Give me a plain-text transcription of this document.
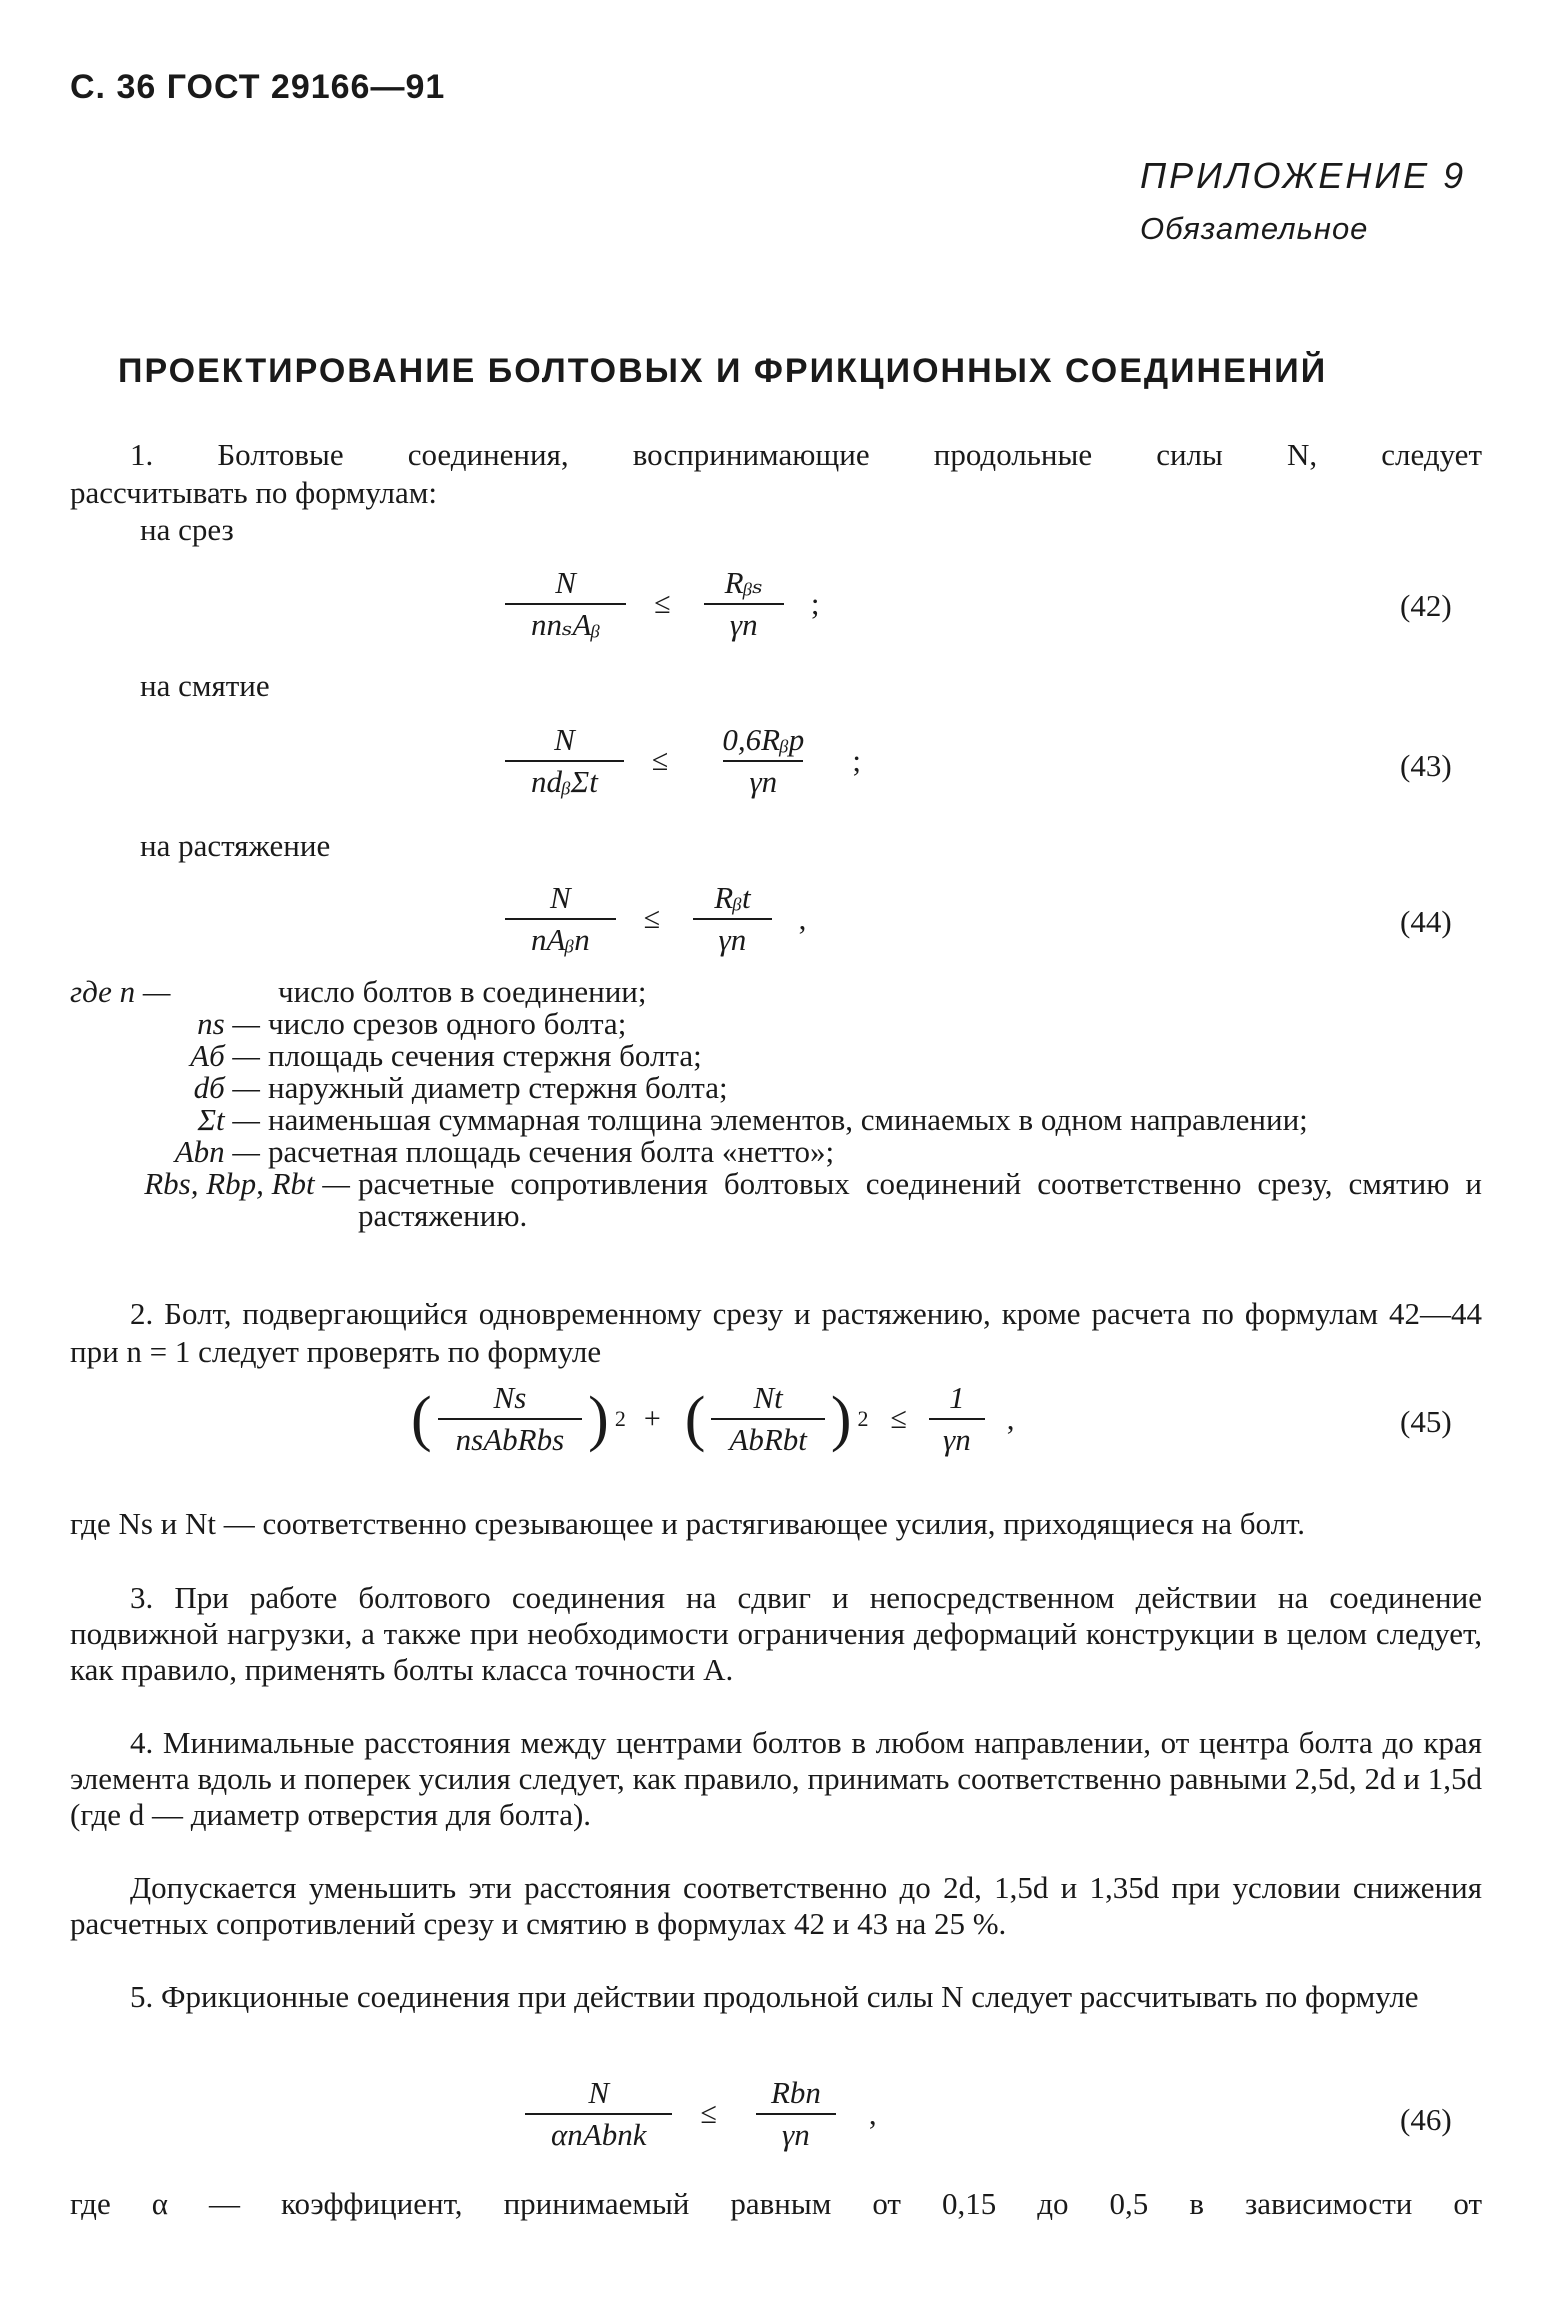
С. 36 ГОСТ 29166—91
ПРИЛОЖЕНИЕ 9
Обязательное
ПРОЕКТИРОВАНИЕ БОЛТОВЫХ И ФРИКЦИОННЫХ СОЕДИНЕНИЙ
1. Болтовые соединения, воспринимающие продольные силы N, следует
рассчитывать по формулам:
на срез
$\frac{N}{\text{nnₛAᵦ}} \le \frac{\text{Rᵦₛ}}{\gamma n}$ ;	(42)
на смятие
$\frac{N}{\text{ndᵦΣt}} \le \frac{\text{0,6Rᵦp}}{\gamma n}$ ;	(43)
на растяжение
$\frac{N}{\text{nAᵦn}} \le \frac{\text{Rᵦt}}{\gamma n}$ ,	(44)
где n —	число болтов в соединении;
ns — число срезов одного болта;
Aб — площадь сечения стержня болта;
dб — наружный диаметр стержня болта;
Σt — наименьшая суммарная толщина элементов, сминаемых в одном направлении;
Abn — расчетная площадь сечения болта «нетто»;
Rbs, Rbp, Rbt — расчетные сопротивления болтовых соединений соответственно срезу, смятию и растяжению.
2. Болт, подвергающийся одновременному срезу и растяжению, кроме расчета по формулам 42—44 при n = 1 следует проверять по формуле
( $\frac{Ns}{\text{nsAbRbs}}$ ) 2 + ( $\frac{Nt}{\text{AbRbt}}$ ) $2 \le \frac{1}{\gamma n}$ ,	(45)
где Ns и Nt — соответственно срезывающее и растягивающее усилия, приходящиеся на болт.
3. При работе болтового соединения на сдвиг и непосредственном действии на соединение подвижной нагрузки, а также при необходимости ограничения деформаций конструкции в целом следует, как правило, применять болты класса точности А.
4. Минимальные расстояния между центрами болтов в любом направлении, от центра болта до края элемента вдоль и поперек усилия следует, как правило, принимать соответственно равными 2,5d, 2d и 1,5d (где d — диаметр отверстия для болта).
Допускается уменьшить эти расстояния соответственно до 2d, 1,5d и 1,35d при условии снижения расчетных сопротивлений срезу и смятию в формулах 42 и 43 на 25 %.
5. Фрикционные соединения при действии продольной силы N следует рассчитывать по формуле
$\frac{N}{\text{αnAbnk}} \le \frac{\text{Rbn}}{\gamma n}$ ,	(46)
где α — коэффициент, принимаемый равным от 0,15 до 0,5 в зависимости от
